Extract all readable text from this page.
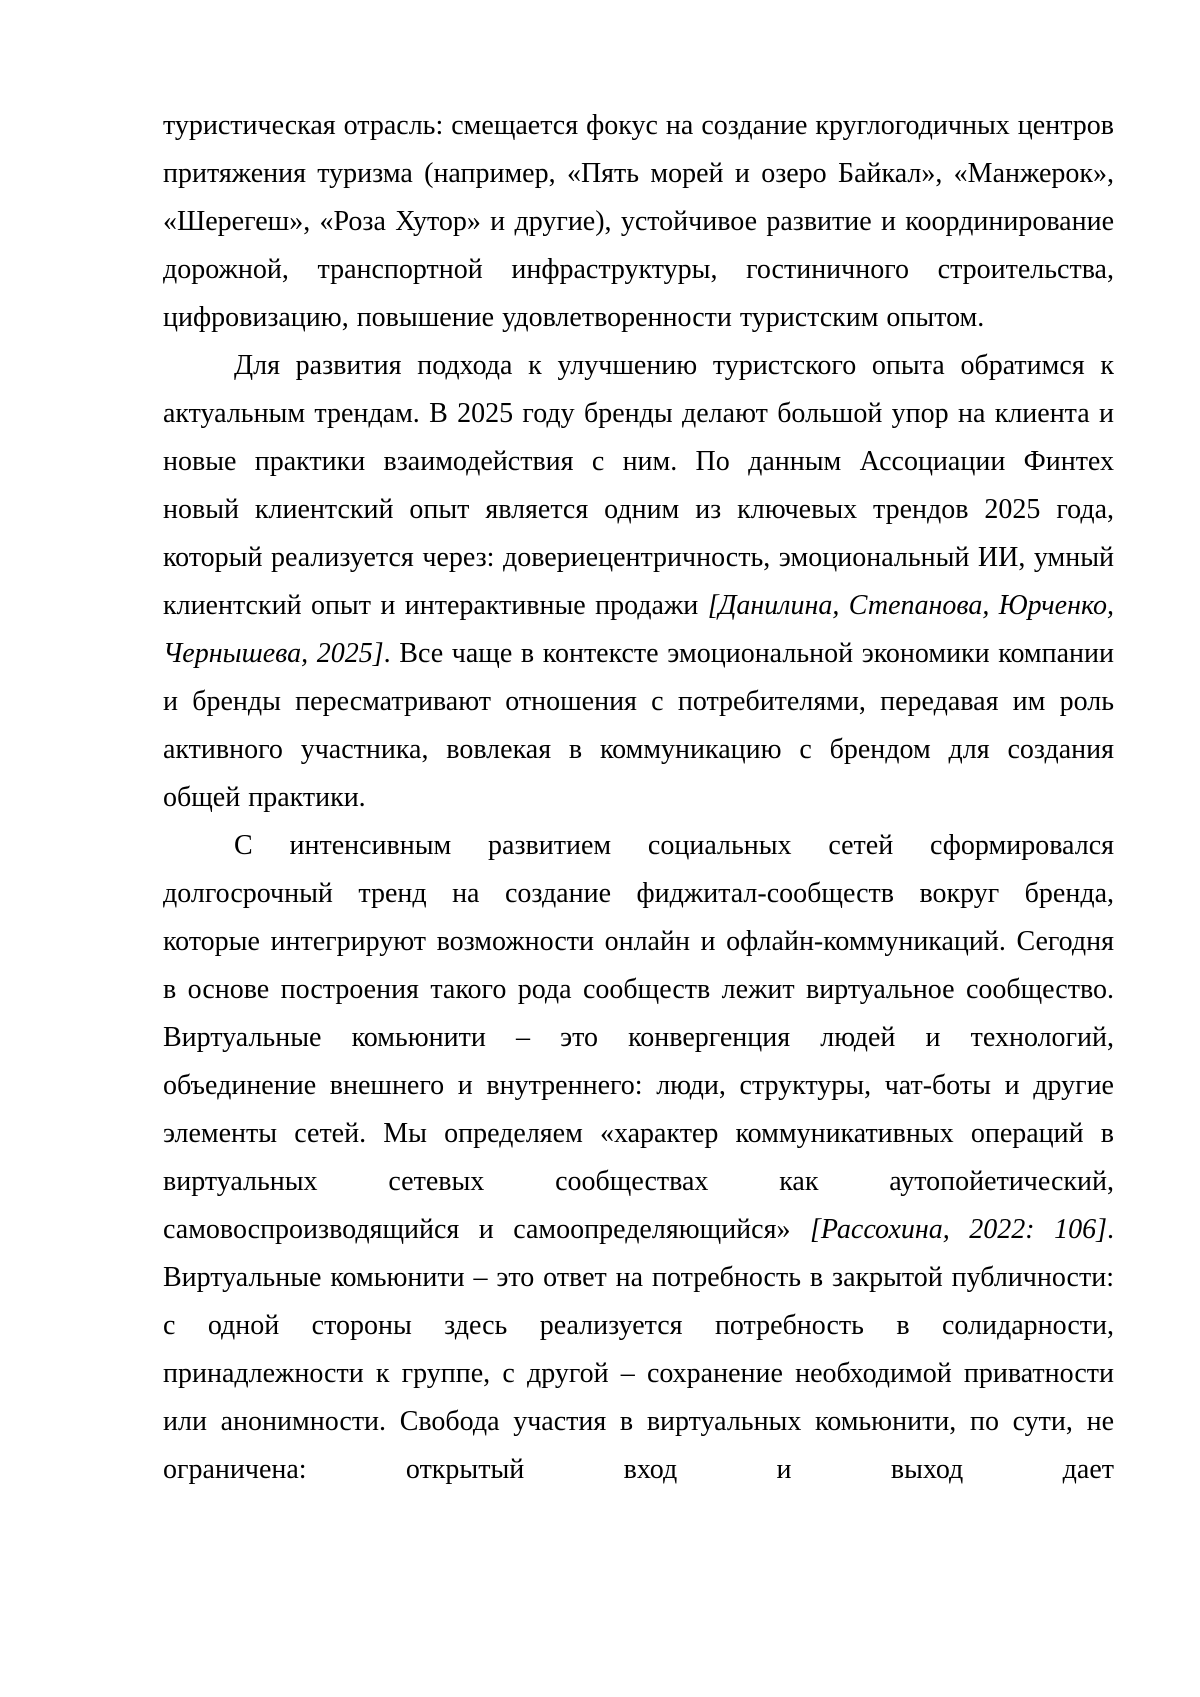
туристическая отрасль: смещается фокус на создание круглогодичных центров притяжения туризма (например, «Пять морей и озеро Байкал», «Манжерок», «Шерегеш», «Роза Хутор» и другие), устойчивое развитие и координирование дорожной, транспортной инфраструктуры, гостиничного строительства, цифровизацию, повышение удовлетворенности туристским опытом.

Для развития подхода к улучшению туристского опыта обратимся к актуальным трендам. В 2025 году бренды делают большой упор на клиента и новые практики взаимодействия с ним. По данным Ассоциации Финтех новый клиентский опыт является одним из ключевых трендов 2025 года, который реализуется через: довериецентричность, эмоциональный ИИ, умный клиентский опыт и интерактивные продажи [Данилина, Степанова, Юрченко, Чернышева, 2025]. Все чаще в контексте эмоциональной экономики компании и бренды пересматривают отношения с потребителями, передавая им роль активного участника, вовлекая в коммуникацию с брендом для создания общей практики.

С интенсивным развитием социальных сетей сформировался долгосрочный тренд на создание фиджитал-сообществ вокруг бренда, которые интегрируют возможности онлайн и офлайн-коммуникаций. Сегодня в основе построения такого рода сообществ лежит виртуальное сообщество. Виртуальные комьюнити – это конвергенция людей и технологий, объединение внешнего и внутреннего: люди, структуры, чат-боты и другие элементы сетей. Мы определяем «характер коммуникативных операций в виртуальных сетевых сообществах как аутопойетический, самовоспроизводящийся и самоопределяющийся» [Рассохина, 2022: 106]. Виртуальные комьюнити – это ответ на потребность в закрытой публичности: с одной стороны здесь реализуется потребность в солидарности, принадлежности к группе, с другой – сохранение необходимой приватности или анонимности. Свобода участия в виртуальных комьюнити, по сути, не ограничена: открытый вход и выход дает
